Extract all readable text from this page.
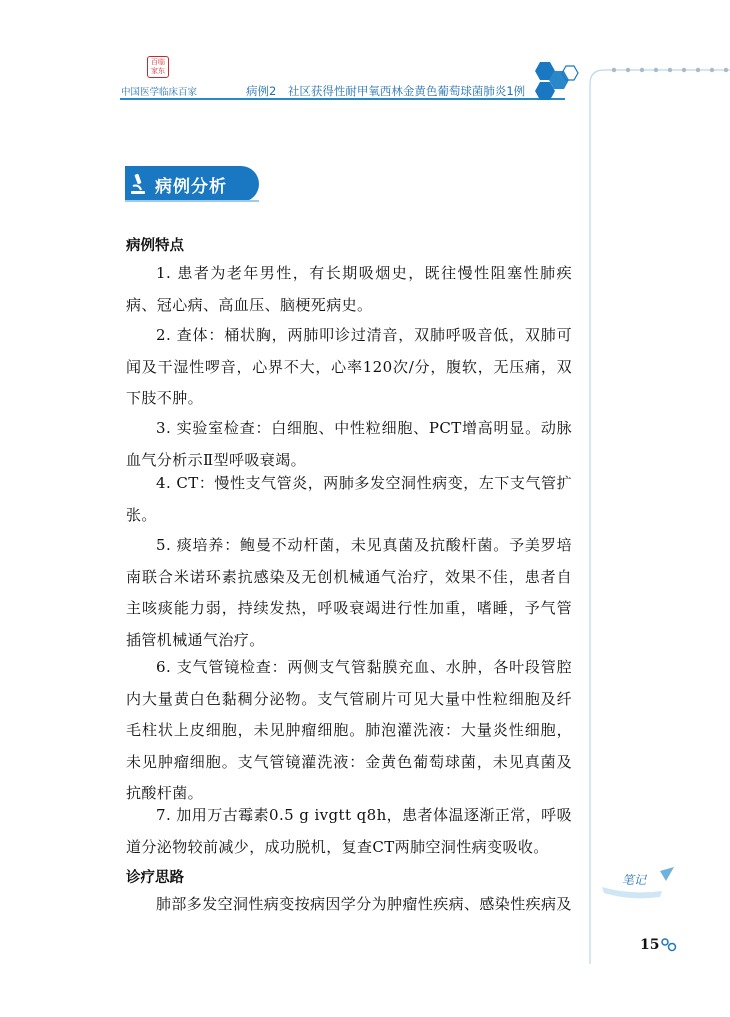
百临家东
中国医学临床百家	病例2　社区获得性耐甲氧西林金黄色葡萄球菌肺炎1例
病例分析
病例特点
1. 患者为老年男性，有长期吸烟史，既往慢性阻塞性肺疾病、冠心病、高血压、脑梗死病史。
2. 查体：桶状胸，两肺叩诊过清音，双肺呼吸音低，双肺可闻及干湿性啰音，心界不大，心率120次/分，腹软，无压痛，双下肢不肿。
3. 实验室检查：白细胞、中性粒细胞、PCT增高明显。动脉血气分析示Ⅱ型呼吸衰竭。
4. CT：慢性支气管炎，两肺多发空洞性病变，左下支气管扩张。
5. 痰培养：鲍曼不动杆菌，未见真菌及抗酸杆菌。予美罗培南联合米诺环素抗感染及无创机械通气治疗，效果不佳，患者自主咳痰能力弱，持续发热，呼吸衰竭进行性加重，嗜睡，予气管插管机械通气治疗。
6. 支气管镜检查：两侧支气管黏膜充血、水肿，各叶段管腔内大量黄白色黏稠分泌物。支气管刷片可见大量中性粒细胞及纤毛柱状上皮细胞，未见肿瘤细胞。肺泡灌洗液：大量炎性细胞，未见肿瘤细胞。支气管镜灌洗液：金黄色葡萄球菌，未见真菌及抗酸杆菌。
7. 加用万古霉素0.5 g ivgtt q8h，患者体温逐渐正常，呼吸道分泌物较前减少，成功脱机，复查CT两肺空洞性病变吸收。
诊疗思路
肺部多发空洞性病变按病因学分为肿瘤性疾病、感染性疾病及
笔记
15
